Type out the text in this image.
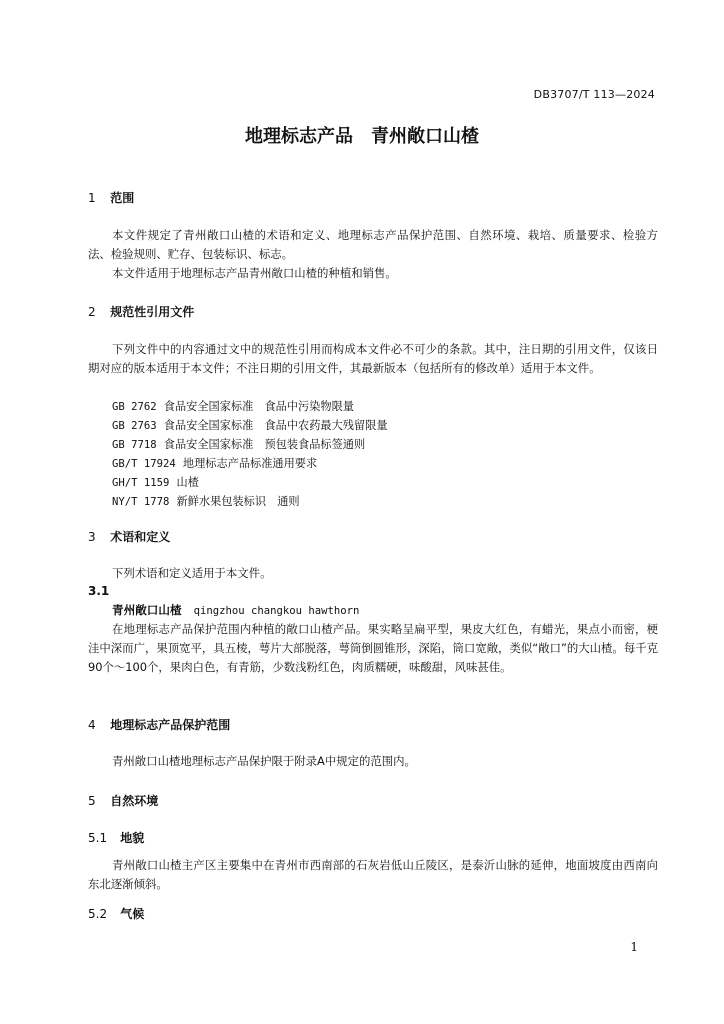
DB3707/T 113—2024
地理标志产品　青州敞口山楂
1 范围

本文件规定了青州敞口山楂的术语和定义、地理标志产品保护范围、自然环境、栽培、质量要求、检验方法、检验规则、贮存、包装标识、标志。

本文件适用于地理标志产品青州敞口山楂的种植和销售。

2 规范性引用文件

下列文件中的内容通过文中的规范性引用而构成本文件必不可少的条款。其中，注日期的引用文件，仅该日期对应的版本适用于本文件；不注日期的引用文件，其最新版本（包括所有的修改单）适用于本文件。

GB 2762 食品安全国家标准　食品中污染物限量
GB 2763 食品安全国家标准　食品中农药最大残留限量
GB 7718 食品安全国家标准　预包装食品标签通则
GB/T 17924 地理标志产品标准通用要求
GH/T 1159 山楂
NY/T 1778 新鲜水果包装标识　通则
3 术语和定义

下列术语和定义适用于本文件。

3.1
青州敞口山楂 qingzhou changkou hawthorn

在地理标志产品保护范围内种植的敞口山楂产品。果实略呈扁平型，果皮大红色，有蜡光，果点小而密，梗洼中深而广，果顶宽平，具五棱，萼片大部脱落，萼筒倒圆锥形，深陷，筒口宽敞，类似“敞口”的大山楂。每千克90个～100个，果肉白色，有青筋，少数浅粉红色，肉质糯硬，味酸甜，风味甚佳。

4 地理标志产品保护范围

青州敞口山楂地理标志产品保护限于附录A中规定的范围内。

5 自然环境
5.1 地貌

青州敞口山楂主产区主要集中在青州市西南部的石灰岩低山丘陵区，是泰沂山脉的延伸，地面坡度由西南向东北逐渐倾斜。

5.2 气候
1
